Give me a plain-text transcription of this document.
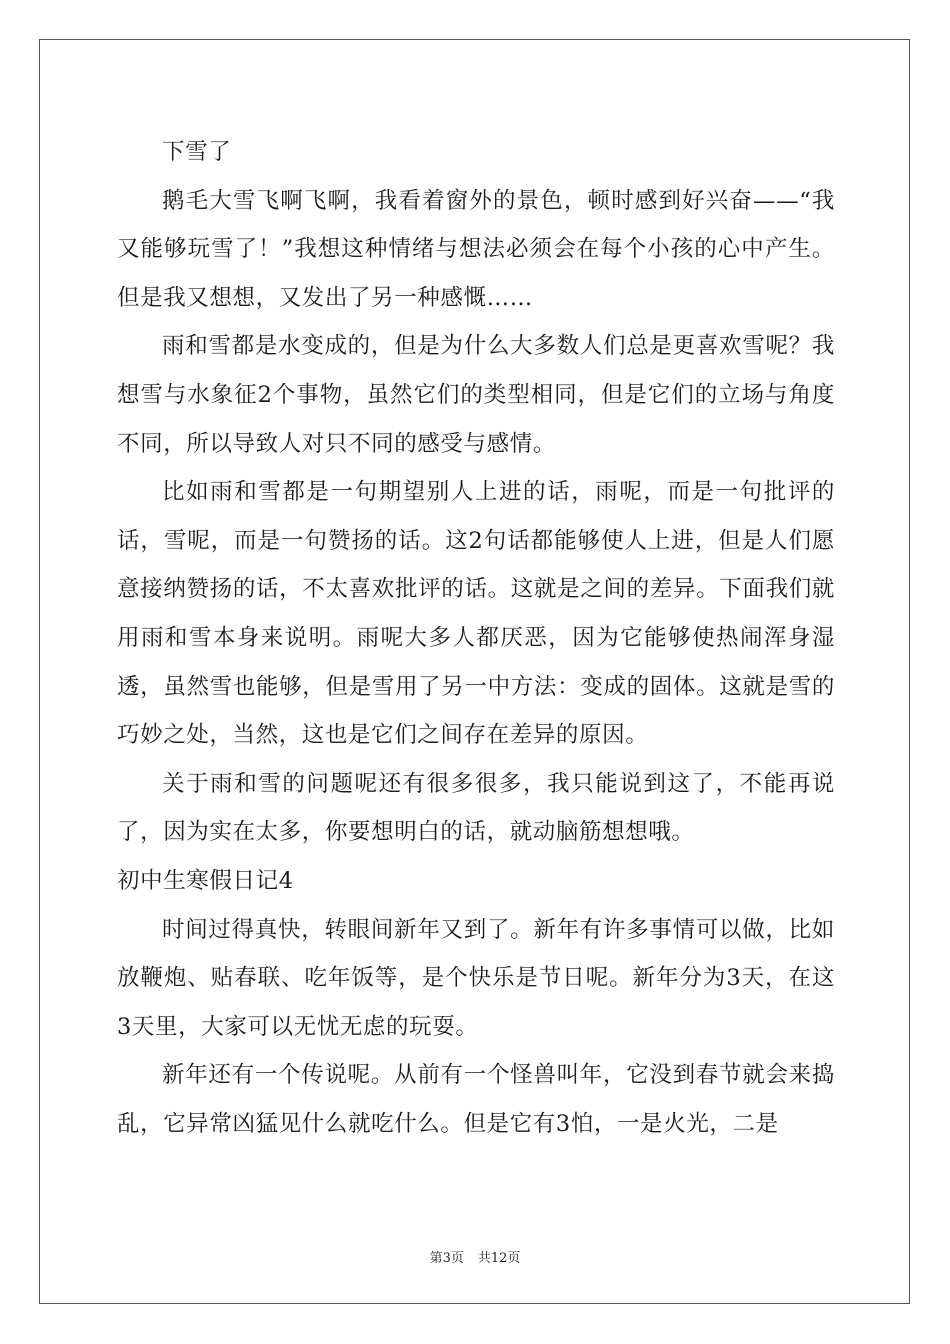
下雪了

鹅毛大雪飞啊飞啊，我看着窗外的景色，顿时感到好兴奋——“我又能够玩雪了！”我想这种情绪与想法必须会在每个小孩的心中产生。但是我又想想，又发出了另一种感慨……

雨和雪都是水变成的，但是为什么大多数人们总是更喜欢雪呢？我想雪与水象征2个事物，虽然它们的类型相同，但是它们的立场与角度不同，所以导致人对只不同的感受与感情。

比如雨和雪都是一句期望别人上进的话，雨呢，而是一句批评的话，雪呢，而是一句赞扬的话。这2句话都能够使人上进，但是人们愿意接纳赞扬的话，不太喜欢批评的话。这就是之间的差异。下面我们就用雨和雪本身来说明。雨呢大多人都厌恶，因为它能够使热闹浑身湿透，虽然雪也能够，但是雪用了另一中方法：变成的固体。这就是雪的巧妙之处，当然，这也是它们之间存在差异的原因。

关于雨和雪的问题呢还有很多很多，我只能说到这了，不能再说了，因为实在太多，你要想明白的话，就动脑筋想想哦。

初中生寒假日记4

时间过得真快，转眼间新年又到了。新年有许多事情可以做，比如放鞭炮、贴春联、吃年饭等，是个快乐是节日呢。新年分为3天，在这3天里，大家可以无忧无虑的玩耍。

新年还有一个传说呢。从前有一个怪兽叫年，它没到春节就会来捣乱，它异常凶猛见什么就吃什么。但是它有3怕，一是火光，二是

第3页 共12页
